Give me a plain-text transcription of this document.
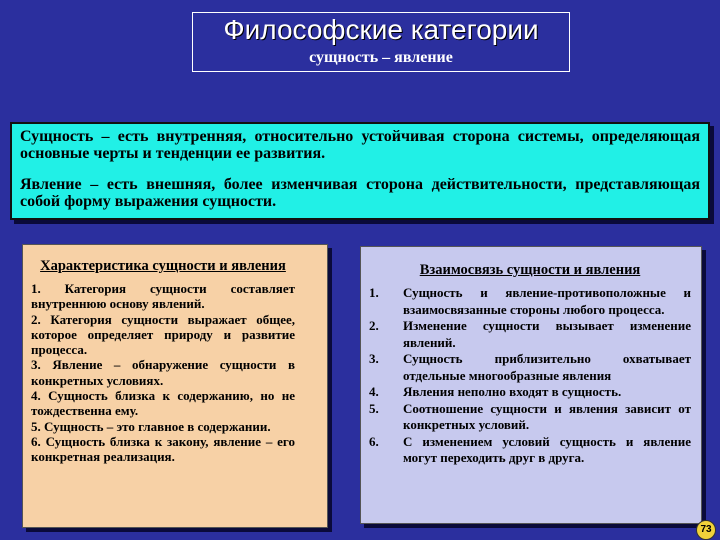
Философские категории
сущность – явление

Сущность – есть внутренняя, относительно устойчивая сторона системы, определяющая основные черты и тенденции ее развития.

Явление – есть внешняя, более изменчивая сторона действительности, представляющая собой форму выражения сущности.

Характеристика сущности и явления
1. Категория сущности составляет внутреннюю основу явлений.
2. Категория сущности выражает общее, которое определяет природу и развитие процесса.
3. Явление – обнаружение сущности в конкретных условиях.
4. Сущность близка к содержанию, но не тождественна ему.
5. Сущность – это главное в содержании.
6. Сущность близка к закону, явление – его конкретная реализация.
Взаимосвязь сущности и явления
1.	Сущность и явление-противоположные и взаимосвязанные стороны любого процесса.
2.	Изменение сущности вызывает изменение явлений.
3.	Сущность приблизительно охватывает отдельные многообразные явления
4.	Явления неполно входят в сущность.
5.	Соотношение сущности и явления зависит от конкретных условий.
6.	С изменением условий сущность и явление могут переходить друг в друга.
73
